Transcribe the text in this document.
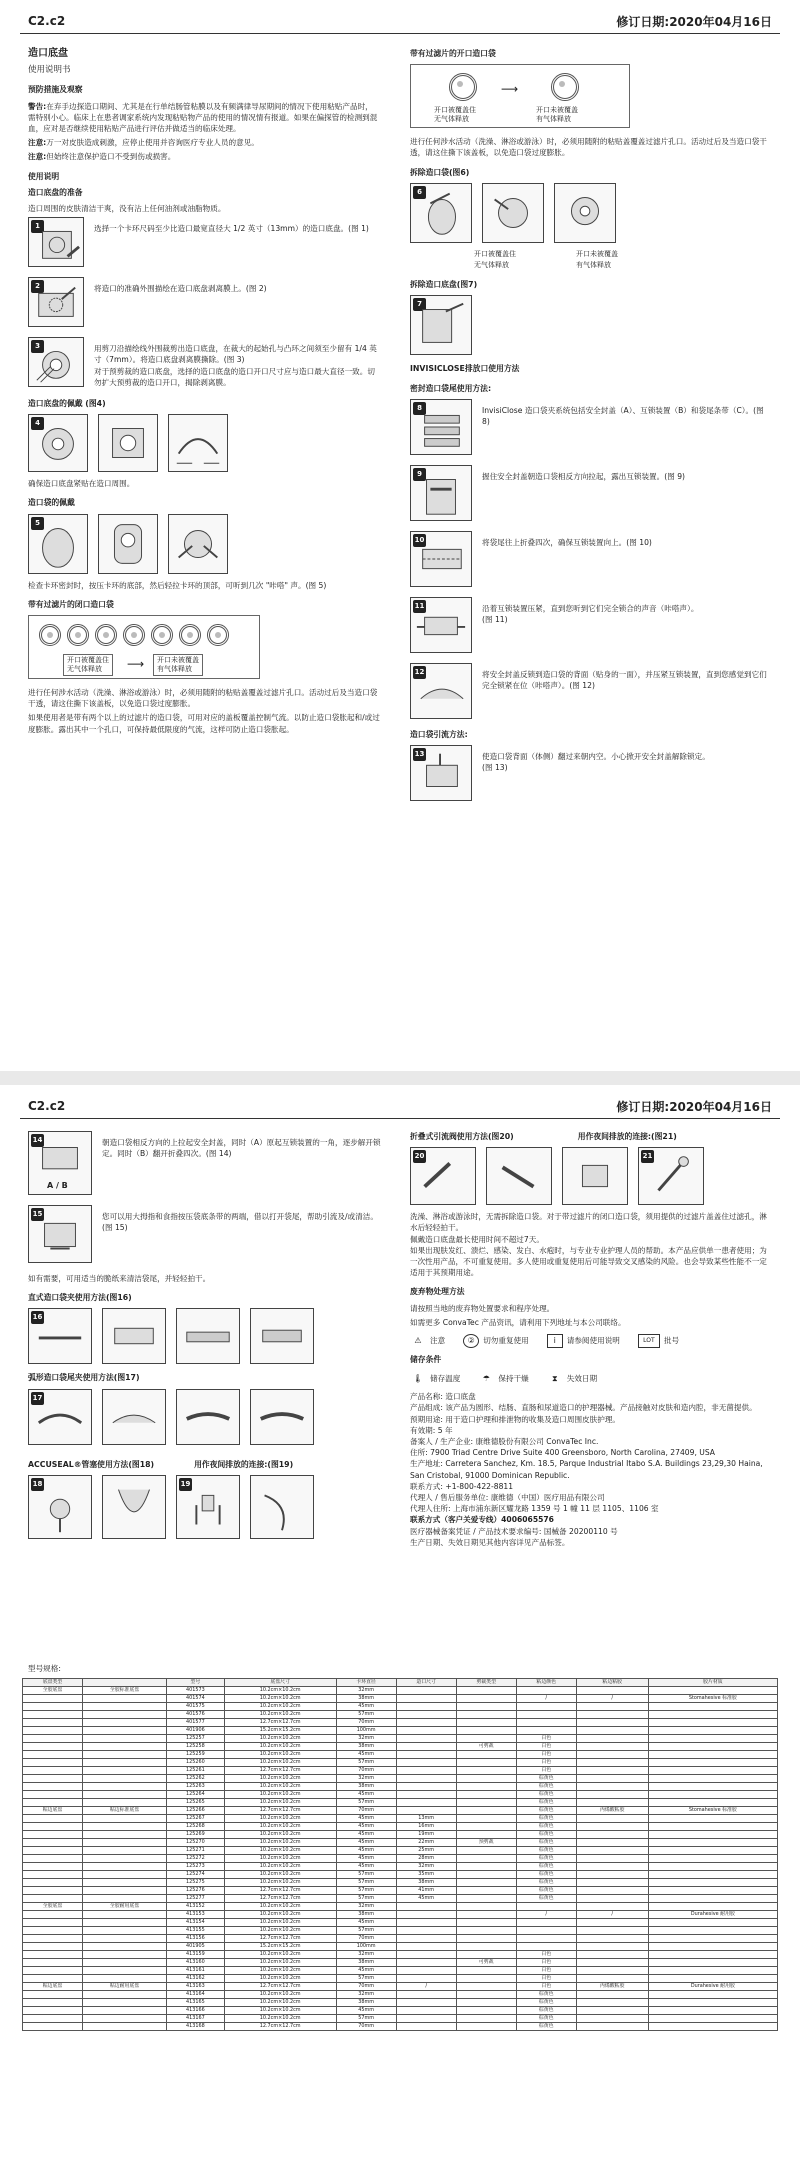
C2.c2	修订日期:2020年04月16日
造口底盘
使用说明书
预防措施及观察

警告:在弃手边探造口期间、尤其是在行单结肠管粘膜以及有频满律导尿期间的情况下使用粘贴产品时，需特别小心。临床上在患者调家系统内发现粘贴物产品的使用的情况情有报道。如果在偏探管的检测到混血，应对是否继续使用粘贴产品进行评估并做适当的临床处理。

注意:万一对皮肤造成刺激，应停止使用并咨询医疗专业人员的意见。

注意:但始终注意保护造口不受到伤或损害。

使用说明
造口底盘的准备

造口周围的皮肤清洁干爽，没有沾上任何油剂或油脂物质。

1	选择一个卡环尺码至少比造口最宽直径大 1/2 英寸（13mm）的造口底盘。(图 1)
2	将造口的准确外围描绘在造口底盘剥离膜上。(图 2)
3	用剪刀沿描绘线外围裁剪出造口底盘，在裁大的起始孔与凸环之间须至少留有 1/4 英寸（7mm）。将造口底盘剥离膜撕除。(图 3)
对于预剪裁的造口底盘，选择的造口底盘的造口开口尺寸应与造口最大直径一致。切勿扩大预剪裁的造口开口，揭除剥离膜。
造口底盘的佩戴 (图4)
4

确保造口底盘紧贴在造口周围。

造口袋的佩戴
5

检查卡环密封时，按压卡环的底部，然后轻拉卡环的顶部，可听到几次 "咔嗒" 声。(图 5)

带有过滤片的闭口造口袋
开口被覆盖住
无气体释放	⟶	开口未被覆盖
有气体释放

进行任何涉水活动（洗澡、淋浴或游泳）时，必须用随附的粘贴盖覆盖过滤片孔口。活动过后及当造口袋干透，请这住撕下该盖板，以免造口袋过度膨胀。

如果使用者是带有两个以上的过滤片的造口袋，可用对应的盖板覆盖控制气流。以防止造口袋胀起和/或过度膨胀。露出其中一个孔口，可保持最低限度的气流，这样可防止造口袋胀起。

带有过滤片的开口造口袋
⟶
开口被覆盖住
无气体释放
开口未被覆盖
有气体释放

进行任何涉水活动（洗澡、淋浴或游泳）时，必须用随附的粘贴盖覆盖过滤片孔口。活动过后及当造口袋干透，请这住撕下该盖板，以免造口袋过度膨胀。

拆除造口袋(图6)
6
开口被覆盖住
无气体释放
开口未被覆盖
有气体释放
拆除造口底盘(图7)
7
INVISICLOSE排放口使用方法
密封造口袋尾使用方法:
8	InvisiClose 造口袋夹系统包括安全封盖（A）、互锁装置（B）和袋尾条带（C）。(图 8)
9	握住安全封盖朝造口袋相反方向拉起，露出互锁装置。(图 9)
10	将袋尾往上折叠四次，确保互锁装置向上。(图 10)
11	沿着互锁装置压紧，直到您听到它们完全锁合的声音（咔嗒声）。
(图 11)
12	将安全封盖反锁到造口袋的背面（贴身的一面），并压紧互锁装置，直到您感觉到它们完全锁紧在位（咔嗒声）。(图 12)
造口袋引流方法:
13	使造口袋背面（体侧）翻过来朝内空。小心掀开安全封盖解除锁定。
(图 13)
C2.c2	修订日期:2020年04月16日
14
A / B
朝造口袋相反方向的上拉起安全封盖，同时（A）原起互锁装置的一角，逐步解开锁定。同时（B）翻开折叠四次。(图 14)
15	您可以用大拇指和食指按压袋底条带的两端，借以打开袋尾，帮助引流及/或清洁。(图 15)

如有需要，可用适当的脆纸来清洁袋尾，并轻轻拍干。

直式造口袋夹使用方法(图16)
16
弧形造口袋尾夹使用方法(图17)
17
ACCUSEAL®管塞使用方法(图18)	用作夜间排放的连接:(图19)
18	19
折叠式引流阀使用方法(图20)	用作夜间排放的连接:(图21)
20	21

洗澡、淋浴或游泳时，无需拆除造口袋。对于带过滤片的闭口造口袋，须用提供的过滤片盖盖住过滤孔，淋水后轻轻拍干。
佩戴造口底盘最长使用时间不超过7天。
如果出现肤发红、溃烂、感染、发白、水疱时，与专业专业护理人员的帮助。本产品应供单一患者使用；为一次性用产品，不可重复使用。多人使用或重复使用后可能导致交叉感染的风险。也会导致某些性能不一定适用于其预期用途。

废弃物处理方法

请按照当地的废弃物处置要求和程序处理。

如需更多 ConvaTec 产品资讯，请利用下列地址与本公司联络。

⚠	注意	②	切勿重复使用	i	请参阅使用说明	LOT	批号
储存条件
🌡 储存温度	☂	保持干燥	⧗	失效日期

产品名称: 造口底盘

产品组成: 该产品为圆形、结肠、直肠和尿道造口的护理器械。产品接触对皮肤和造内腔，非无菌提供。

预期用途: 用于造口护理和排泄物的收集及造口周围皮肤护理。

有效期: 5 年

备案人 / 生产企业: 康维德股份有限公司 ConvaTec Inc.

住所: 7900 Triad Centre Drive Suite 400 Greensboro, North Carolina, 27409, USA

生产地址: Carretera Sanchez, Km. 18.5, Parque Industrial Itabo S.A. Buildings 23,29,30 Haina, San Cristobal, 91000 Dominican Republic.

联系方式: +1-800-422-8811

代理人 / 售后服务单位: 康维德（中国）医疗用品有限公司

代理人住所: 上海市浦东新区耀龙路 1359 号 1 幢 11 层 1105、1106 室

联系方式（客户关爱专线）4006065576

医疗器械备案凭证 / 产品技术要求编号: 国械备 20200110 号

生产日期、失效日期见其他内容详见产品标签。

型号规格:
底盘类型		型号	底盘尺寸	卡环直径	造口尺寸	剪裁类型	粘边颜色	粘边粘胶	胶片材质
全胶底盘	全胶标准底盘	401573	10.2cm×10.2cm	32mm					
		401574	10.2cm×10.2cm	38mm			/	/	Stomahesive 标准胶
		401575	10.2cm×10.2cm	45mm					
		401576	10.2cm×10.2cm	57mm					
		401577	12.7cm×12.7cm	70mm					
		401906	15.2cm×15.2cm	100mm					
		125257	10.2cm×10.2cm	32mm			白色		
		125258	10.2cm×10.2cm	38mm		可剪裁	白色		
		125259	10.2cm×10.2cm	45mm			白色		
		125260	10.2cm×10.2cm	57mm			白色		
		125261	12.7cm×12.7cm	70mm			白色		
		125262	10.2cm×10.2cm	32mm			棕黄色		
		125263	10.2cm×10.2cm	38mm			棕黄色		
		125264	10.2cm×10.2cm	45mm			棕黄色		
		125265	10.2cm×10.2cm	57mm			棕黄色		
粘边底盘	粘边标准底盘	125266	12.7cm×12.7cm	70mm			棕黄色	丙烯酸粘胶	Stomahesive 标准胶
		125267	10.2cm×10.2cm	45mm	13mm		棕黄色		
		125268	10.2cm×10.2cm	45mm	16mm		棕黄色		
		125269	10.2cm×10.2cm	45mm	19mm		棕黄色		
		125270	10.2cm×10.2cm	45mm	22mm	预剪裁	棕黄色		
		125271	10.2cm×10.2cm	45mm	25mm		棕黄色		
		125272	10.2cm×10.2cm	45mm	28mm		棕黄色		
		125273	10.2cm×10.2cm	45mm	32mm		棕黄色		
		125274	10.2cm×10.2cm	57mm	35mm		棕黄色		
		125275	10.2cm×10.2cm	57mm	38mm		棕黄色		
		125276	12.7cm×12.7cm	57mm	41mm		棕黄色		
		125277	12.7cm×12.7cm	57mm	45mm		棕黄色		
全胶底盘	全胶耐用底盘	413152	10.2cm×10.2cm	32mm					
		413153	10.2cm×10.2cm	38mm			/	/	Durahesive 耐用胶
		413154	10.2cm×10.2cm	45mm					
		413155	10.2cm×10.2cm	57mm					
		413156	12.7cm×12.7cm	70mm					
		401905	15.2cm×15.2cm	100mm					
		413159	10.2cm×10.2cm	32mm			白色		
		413160	10.2cm×10.2cm	38mm		可剪裁	白色		
		413161	10.2cm×10.2cm	45mm			白色		
		413162	10.2cm×10.2cm	57mm			白色		
粘边底盘	粘边耐用底盘	413163	12.7cm×12.7cm	70mm	/		白色	丙烯酸粘胶	Durahesive 耐用胶
		413164	10.2cm×10.2cm	32mm			棕黄色		
		413165	10.2cm×10.2cm	38mm			棕黄色		
		413166	10.2cm×10.2cm	45mm			棕黄色		
		413167	10.2cm×10.2cm	57mm			棕黄色		
		413168	12.7cm×12.7cm	70mm			棕黄色		
